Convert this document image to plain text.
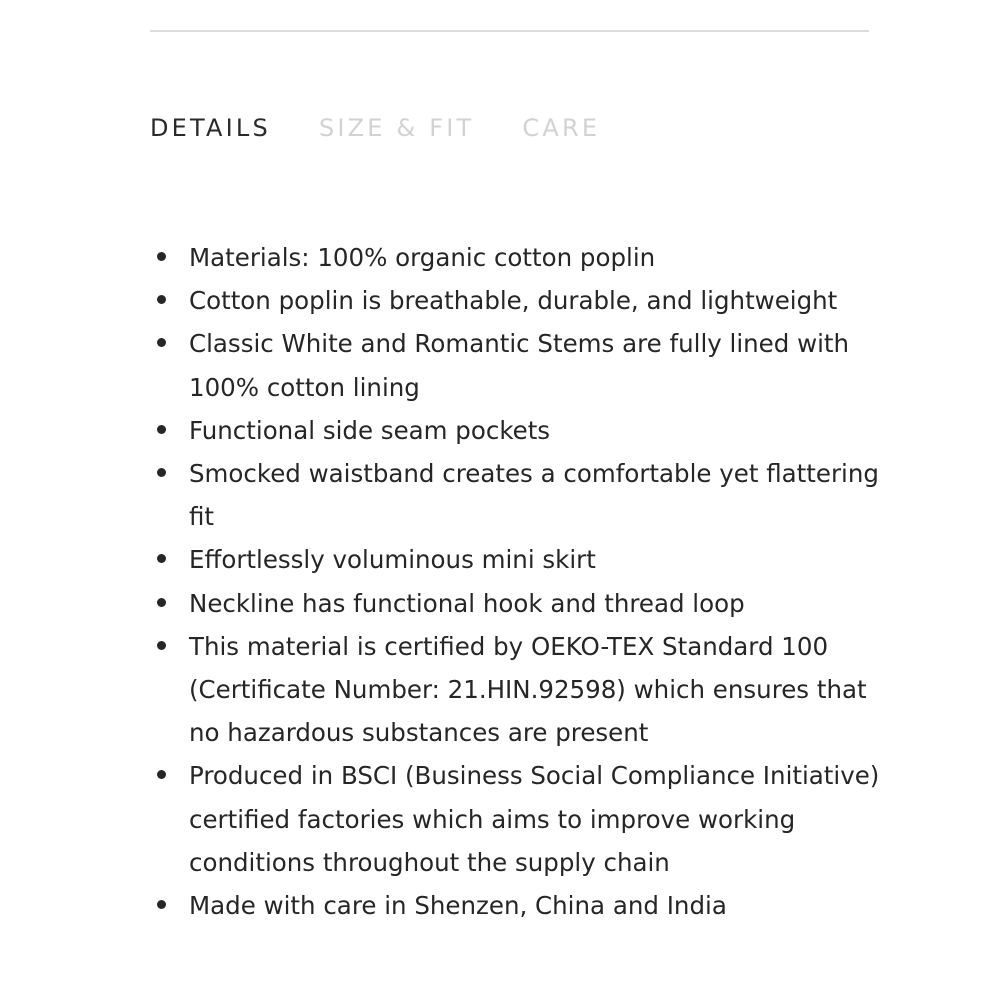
DETAILS SIZE & FIT CARE
Materials: 100% organic cotton poplin
Cotton poplin is breathable, durable, and lightweight
Classic White and Romantic Stems are fully lined with 100% cotton lining
Functional side seam pockets
Smocked waistband creates a comfortable yet flattering fit
Effortlessly voluminous mini skirt
Neckline has functional hook and thread loop
This material is certified by OEKO-TEX Standard 100 (Certificate Number: 21.HIN.92598) which ensures that no hazardous substances are present
Produced in BSCI (Business Social Compliance Initiative) certified factories which aims to improve working conditions throughout the supply chain
Made with care in Shenzen, China and India
